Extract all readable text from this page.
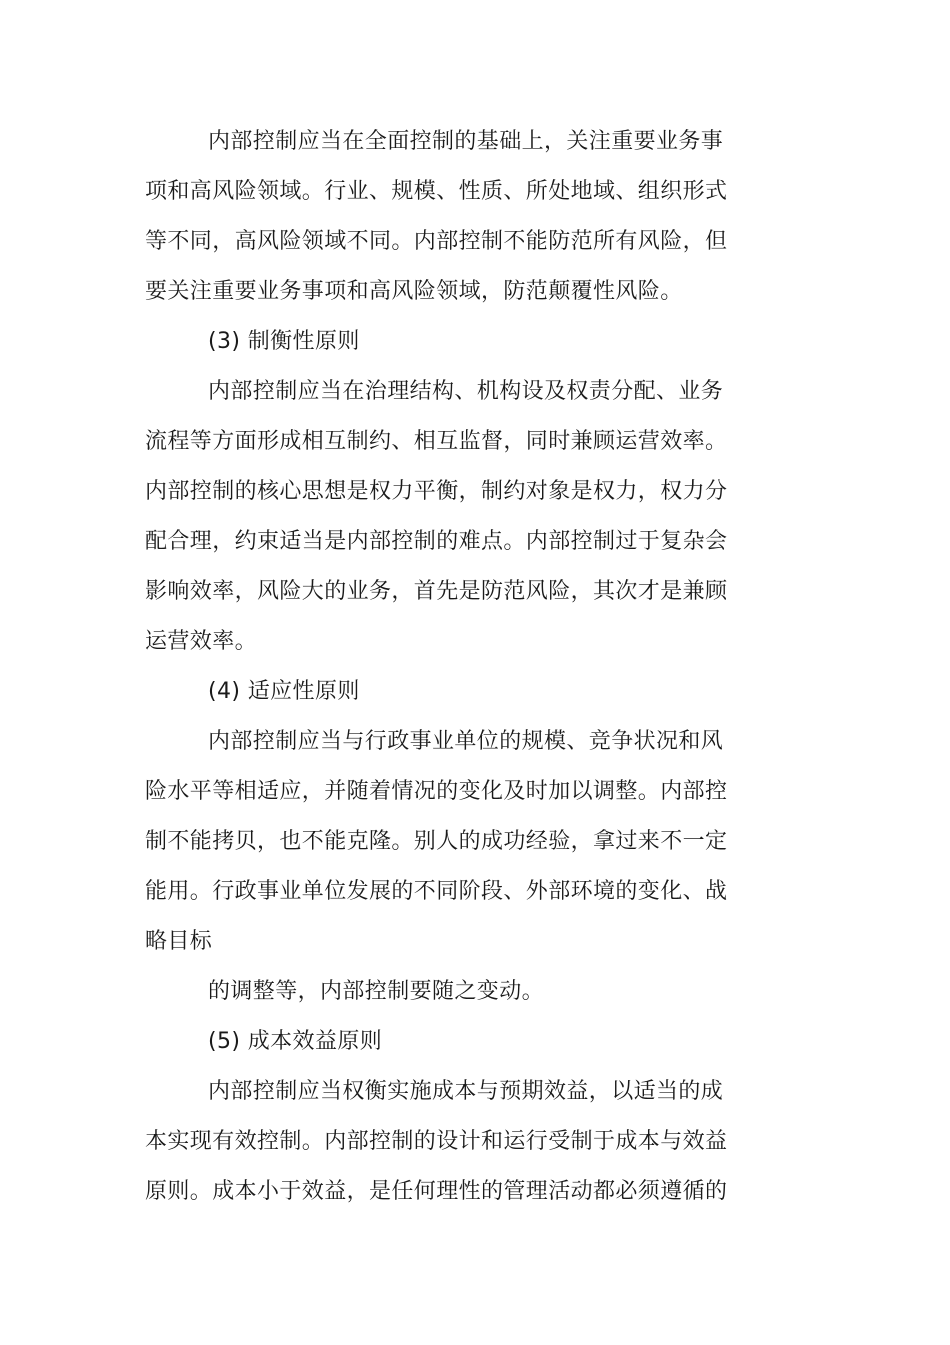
内部控制应当在全面控制的基础上，关注重要业务事
项和高风险领域。行业、规模、性质、所处地域、组织形式
等不同，高风险领域不同。内部控制不能防范所有风险，但
要关注重要业务事项和高风险领域，防范颠覆性风险。
(3) 制衡性原则
内部控制应当在治理结构、机构设及权责分配、业务
流程等方面形成相互制约、相互监督，同时兼顾运营效率。
内部控制的核心思想是权力平衡，制约对象是权力，权力分
配合理，约束适当是内部控制的难点。内部控制过于复杂会
影响效率，风险大的业务，首先是防范风险，其次才是兼顾
运营效率。
(4) 适应性原则
内部控制应当与行政事业单位的规模、竞争状况和风
险水平等相适应，并随着情况的变化及时加以调整。内部控
制不能拷贝，也不能克隆。别人的成功经验，拿过来不一定
能用。行政事业单位发展的不同阶段、外部环境的变化、战
略目标
的调整等，内部控制要随之变动。
(5) 成本效益原则
内部控制应当权衡实施成本与预期效益，以适当的成
本实现有效控制。内部控制的设计和运行受制于成本与效益
原则。成本小于效益，是任何理性的管理活动都必须遵循的
